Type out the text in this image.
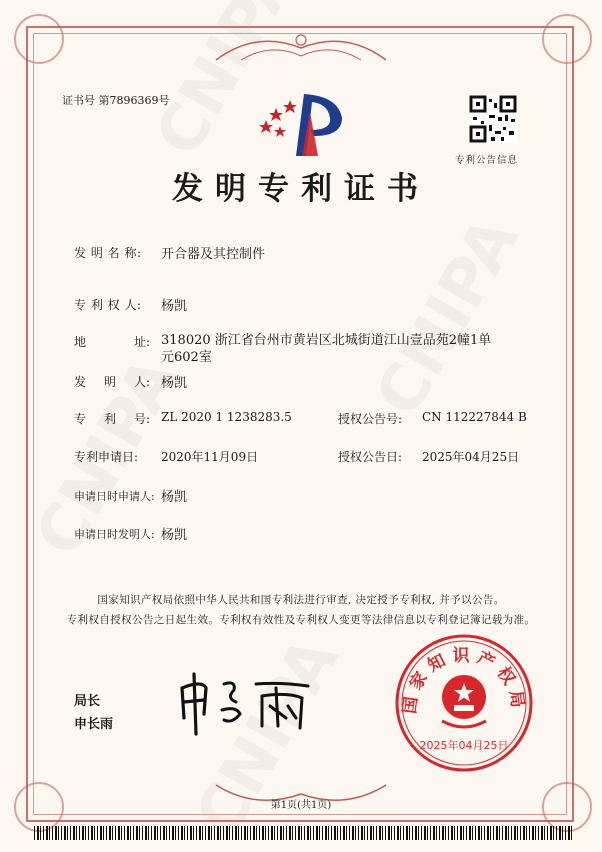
证书号 第7896369号
专利公告信息
发明专利证书
发 明 名 称: 开合器及其控制件
专 利 权 人: 杨凯
地	址: 318020 浙江省台州市黄岩区北城街道江山壹品苑2幢1单元602室
发 明 人: 杨凯
专 利 号: ZL 2020 1 1238283.5	授权公告号: CN 112227844 B
专利申请日: 2020年11月09日	授权公告日: 2025年04月25日
申请日时申请人: 杨凯
申请日时发明人: 杨凯
国家知识产权局依照中华人民共和国专利法进行审查, 决定授予专利权, 并予以公告。
专利权自授权公告之日起生效。专利权有效性及专利权人变更等法律信息以专利登记簿记载为准。
局长
申长雨
国家知识产权局
2025年04月25日
第1页(共1页)
